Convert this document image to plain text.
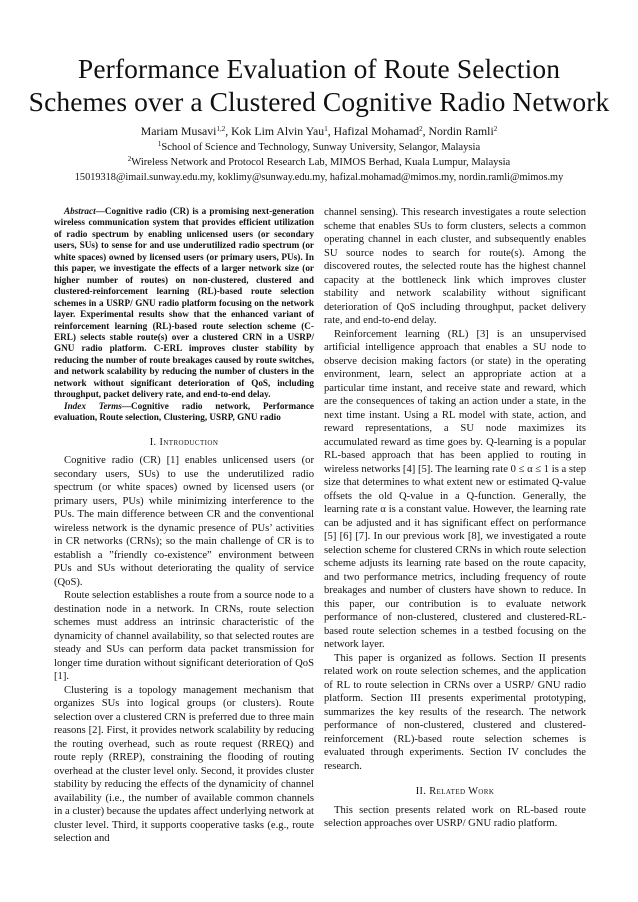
Performance Evaluation of Route Selection
Schemes over a Clustered Cognitive Radio Network
Mariam Musavi$^{1,2}$, Kok Lim Alvin Yau$^1$, Hafizal Mohamad$^2$, Nordin Ramli$^2$
$^1$School of Science and Technology, Sunway University, Selangor, Malaysia
$^2$Wireless Network and Protocol Research Lab, MIMOS Berhad, Kuala Lumpur, Malaysia
15019318@imail.sunway.edu.my, koklimy@sunway.edu.my, hafizal.mohamad@mimos.my, nordin.ramli@mimos.my

Abstract—Cognitive radio (CR) is a promising next-generation wireless communication system that provides efficient utilization of radio spectrum by enabling unlicensed users (or secondary users, SUs) to sense for and use underutilized radio spectrum (or white spaces) owned by licensed users (or primary users, PUs). In this paper, we investigate the effects of a larger network size (or higher number of routes) on non-clustered, clustered and clustered-reinforcement learning (RL)-based route selection schemes in a USRP/ GNU radio platform focusing on the network layer. Experimental results show that the enhanced variant of reinforcement learning (RL)-based route selection scheme (C-ERL) selects stable route(s) over a clustered CRN in a USRP/ GNU radio platform. C-ERL improves cluster stability by reducing the number of route breakages caused by route switches, and network scalability by reducing the number of clusters in the network without significant deterioration of QoS, including throughput, packet delivery rate, and end-to-end delay.

Index Terms—Cognitive radio network, Performance evaluation, Route selection, Clustering, USRP, GNU radio

I. Introduction

Cognitive radio (CR) [1] enables unlicensed users (or secondary users, SUs) to use the underutilized radio spectrum (or white spaces) owned by licensed users (or primary users, PUs) while minimizing interference to the PUs. The main difference between CR and the conventional wireless network is the dynamic presence of PUs’ activities in CR networks (CRNs); so the main challenge of CR is to establish a ”friendly co-existence” environment between PUs and SUs without deteriorating the quality of service (QoS).

Route selection establishes a route from a source node to a destination node in a network. In CRNs, route selection schemes must address an intrinsic characteristic of the dynamicity of channel availability, so that selected routes are steady and SUs can perform data packet transmission for longer time duration without significant deterioration of QoS [1].

Clustering is a topology management mechanism that organizes SUs into logical groups (or clusters). Route selection over a clustered CRN is preferred due to three main reasons [2]. First, it provides network scalability by reducing the routing overhead, such as route request (RREQ) and route reply (RREP), constraining the flooding of routing overhead at the cluster level only. Second, it provides cluster stability by reducing the effects of the dynamicity of channel availability (i.e., the number of available common channels in a cluster) because the updates affect underlying network at cluster level. Third, it supports cooperative tasks (e.g., route selection and

channel sensing). This research investigates a route selection scheme that enables SUs to form clusters, selects a common operating channel in each cluster, and subsequently enables SU source nodes to search for route(s). Among the discovered routes, the selected route has the highest channel capacity at the bottleneck link which improves cluster stability and network scalability without significant deterioration of QoS including throughput, packet delivery rate, and end-to-end delay.

Reinforcement learning (RL) [3] is an unsupervised artificial intelligence approach that enables a SU node to observe decision making factors (or state) in the operating environment, learn, select an appropriate action at a particular time instant, and receive state and reward, which are the consequences of taking an action under a state, in the next time instant. Using a RL model with state, action, and reward representations, a SU node maximizes its accumulated reward as time goes by. Q-learning is a popular RL-based approach that has been applied to routing in wireless networks [4] [5]. The learning rate 0 ≤ α ≤ 1 is a step size that determines to what extent new or estimated Q-value offsets the old Q-value in a Q-function. Generally, the learning rate α is a constant value. However, the learning rate can be adjusted and it has significant effect on performance [5] [6] [7]. In our previous work [8], we investigated a route selection scheme for clustered CRNs in which route selection scheme adjusts its learning rate based on the route capacity, and two performance metrics, including frequency of route breakages and number of clusters have shown to reduce. In this paper, our contribution is to evaluate network performance of non-clustered, clustered and clustered-RL-based route selection schemes in a testbed focusing on the network layer.

This paper is organized as follows. Section II presents related work on route selection schemes, and the application of RL to route selection in CRNs over a USRP/ GNU radio platform. Section III presents experimental prototyping, summarizes the key results of the research. The network performance of non-clustered, clustered and clustered-reinforcement (RL)-based route selection schemes is evaluated through experiments. Section IV concludes the research.

II. Related Work

This section presents related work on RL-based route selection approaches over USRP/ GNU radio platform.
